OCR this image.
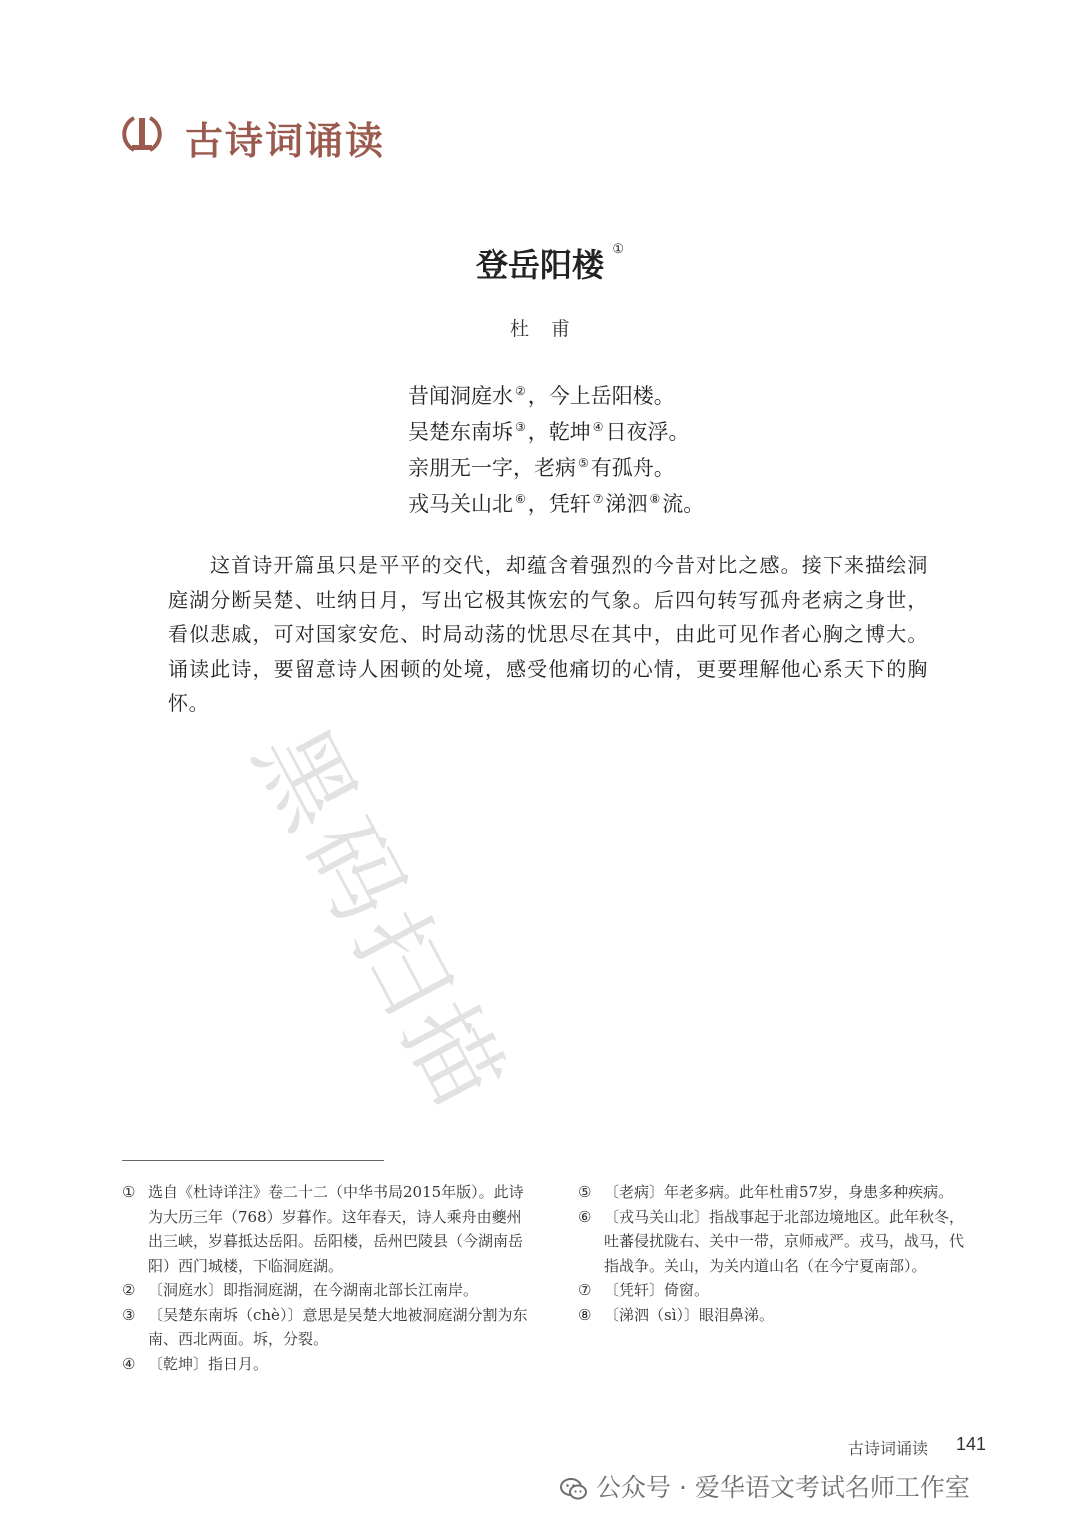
古诗词诵读
登岳阳楼 ①
杜甫
昔闻洞庭水 ②，今上岳阳楼。
吴楚东南坼 ③，乾坤 ④日夜浮。
亲朋无一字，老病 ⑤有孤舟。
戎马关山北 ⑥，凭轩 ⑦涕泗 ⑧流。
这首诗开篇虽只是平平的交代，却蕴含着强烈的今昔对比之感。接下来描绘洞庭湖分断吴楚、吐纳日月，写出它极其恢宏的气象。后四句转写孤舟老病之身世，看似悲戚，可对国家安危、时局动荡的忧思尽在其中，由此可见作者心胸之博大。诵读此诗，要留意诗人困顿的处境，感受他痛切的心情，更要理解他心系天下的胸怀。
黑码扫描
① 选自《杜诗详注》卷二十二（中华书局2015年版）。此诗为大历三年（768）岁暮作。这年春天，诗人乘舟由夔州出三峡，岁暮抵达岳阳。岳阳楼，岳州巴陵县（今湖南岳阳）西门城楼，下临洞庭湖。
② 〔洞庭水〕即指洞庭湖，在今湖南北部长江南岸。
③ 〔吴楚东南坼（chè）〕意思是吴楚大地被洞庭湖分割为东南、西北两面。坼，分裂。
④ 〔乾坤〕指日月。
⑤ 〔老病〕年老多病。此年杜甫57岁，身患多种疾病。
⑥ 〔戎马关山北〕指战事起于北部边境地区。此年秋冬，吐蕃侵扰陇右、关中一带，京师戒严。戎马，战马，代指战争。关山，为关内道山名（在今宁夏南部）。
⑦ 〔凭轩〕倚窗。
⑧ 〔涕泗（sì）〕眼泪鼻涕。
古诗词诵读 141
公众号 · 爱华语文考试名师工作室
